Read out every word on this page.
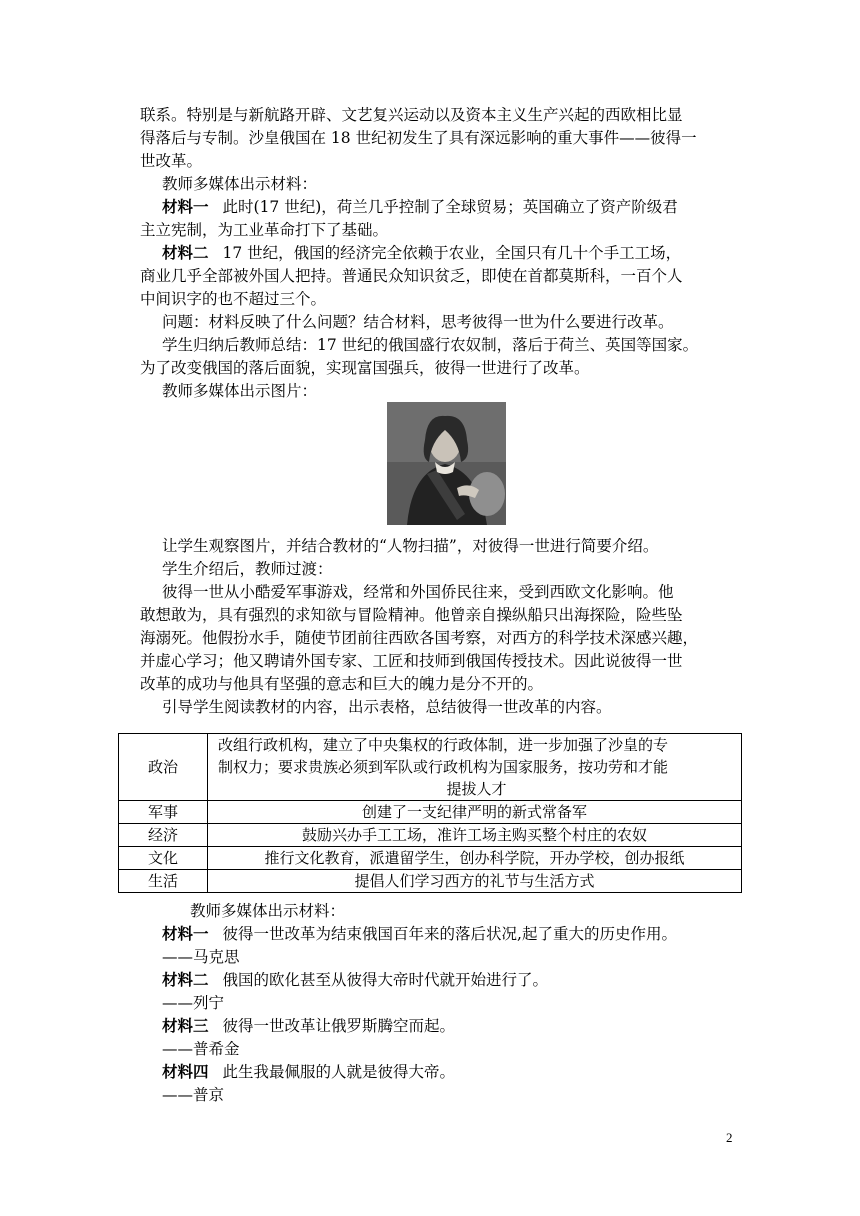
联系。特别是与新航路开辟、文艺复兴运动以及资本主义生产兴起的西欧相比显
得落后与专制。沙皇俄国在 18 世纪初发生了具有深远影响的重大事件——彼得一
世改革。
教师多媒体出示材料：
材料一 此时(17 世纪)，荷兰几乎控制了全球贸易；英国确立了资产阶级君
主立宪制，为工业革命打下了基础。
材料二 17 世纪，俄国的经济完全依赖于农业，全国只有几十个手工工场，
商业几乎全部被外国人把持。普通民众知识贫乏，即使在首都莫斯科，一百个人
中间识字的也不超过三个。
问题：材料反映了什么问题？结合材料，思考彼得一世为什么要进行改革。
学生归纳后教师总结：17 世纪的俄国盛行农奴制，落后于荷兰、英国等国家。
为了改变俄国的落后面貌，实现富国强兵，彼得一世进行了改革。
教师多媒体出示图片：
让学生观察图片，并结合教材的“人物扫描”，对彼得一世进行简要介绍。
学生介绍后，教师过渡：
彼得一世从小酷爱军事游戏，经常和外国侨民往来，受到西欧文化影响。他
敢想敢为，具有强烈的求知欲与冒险精神。他曾亲自操纵船只出海探险，险些坠
海溺死。他假扮水手，随使节团前往西欧各国考察，对西方的科学技术深感兴趣，
并虚心学习；他又聘请外国专家、工匠和技师到俄国传授技术。因此说彼得一世
改革的成功与他具有坚强的意志和巨大的魄力是分不开的。
引导学生阅读教材的内容，出示表格，总结彼得一世改革的内容。
政治	改组行政机构，建立了中央集权的行政体制，进一步加强了沙皇的专
制权力；要求贵族必须到军队或行政机构为国家服务，按功劳和才能
提拔人才

军事	创建了一支纪律严明的新式常备军
经济	鼓励兴办手工工场，准许工场主购买整个村庄的农奴
文化	推行文化教育，派遣留学生，创办科学院，开办学校，创办报纸
生活	提倡人们学习西方的礼节与生活方式
教师多媒体出示材料：
材料一 彼得一世改革为结束俄国百年来的落后状况,起了重大的历史作用。
——马克思
材料二 俄国的欧化甚至从彼得大帝时代就开始进行了。
——列宁
材料三 彼得一世改革让俄罗斯腾空而起。
——普希金
材料四 此生我最佩服的人就是彼得大帝。
——普京
2
